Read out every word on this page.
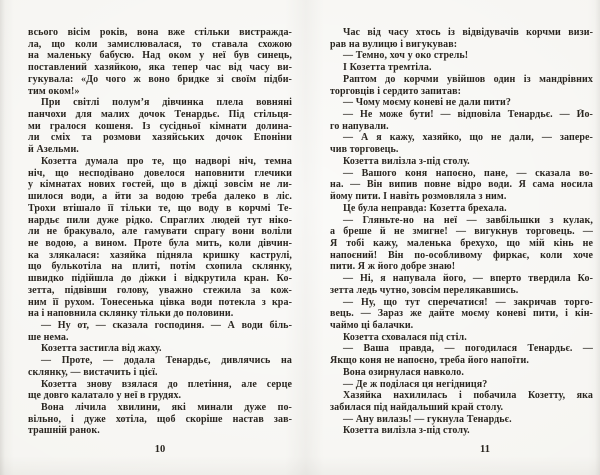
всього вісім років, вона вже стільки вистражда-
ла, що коли замислювалася, то ставала схожою
на маленьку бабусю. Над оком у неї був синець,
поставлений хазяйкою, яка тепер час від часу ви-
гукувала: «До чого ж воно бридке зі своїм підби-
тим оком!»
При світлі полум’я дівчинка плела вовняні
панчохи для малих дочок Тенардьє. Під стільця-
ми гралося кошеня. Із сусідньої кімнати долина-
ли сміх та розмови хазяйських дочок Епоніни
й Азельми.
Козетта думала про те, що надворі ніч, темна
ніч, що несподівано довелося наповнити глечики
у кімнатах нових гостей, що в діжці зовсім не ли-
шилося води, а йти за водою треба далеко в ліс.
Трохи втішало її тільки те, що воду в корчмі Те-
нардьє пили дуже рідко. Спраглих людей тут ніко-
ли не бракувало, але гамувати спрагу вони воліли
не водою, а вином. Проте була мить, коли дівчин-
ка злякалася: хазяйка підняла кришку каструлі,
що булькотіла на плиті, потім схопила склянку,
швидко підійшла до діжки і відкрутила кран. Ко-
зетта, підвівши голову, уважно стежила за кож-
ним її рухом. Тонесенька цівка води потекла з кра-
на і наповнила склянку тільки до половини.
— Ну от, — сказала господиня. — А води біль-
ше нема.
Козетта застигла від жаху.
— Проте, — додала Тенардьє, дивлячись на
склянку, — вистачить і цієї.
Козетта знову взялася до плетіння, але серце
ще довго калатало у неї в грудях.
Вона лічила хвилини, які минали дуже по-
вільно, і дуже хотіла, щоб скоріше настав зав-
трашній ранок.
Час від часу хтось із відвідувачів корчми визи-
рав на вулицю і вигукував:
— Темно, хоч у око стрель!
І Козетта тремтіла.
Раптом до корчми увійшов один із мандрівних
торговців і сердито запитав:
— Чому моєму коневі не дали пити?
— Не може бути! — відповіла Тенардьє. — Йо-
го напували.
— А я кажу, хазяйко, що не дали, — запере-
чив торговець.
Козетта вилізла з-під столу.
— Вашого коня напоєно, пане, — сказала во-
на. — Він випив повне відро води. Я сама носила
йому пити. І навіть розмовляла з ним.
Це була неправда: Козетта брехала.
— Гляньте-но на неї — завбільшки з кулак,
а бреше й не змигне! — вигукнув торговець. —
Я тобі кажу, маленька брехухо, що мій кінь не
напоєний! Він по-особливому фиркає, коли хоче
пити. Я ж його добре знаю!
— Ні, я напувала його, — вперто твердила Ко-
зетта ледь чутно, зовсім перелякавшись.
— Ну, що тут сперечатися! — закричав торго-
вець. — Зараз же дайте моєму коневі пити, і кін-
чаймо ці балачки.
Козетта сховалася під стіл.
— Ваша правда, — погодилася Тенардьє. —
Якщо коня не напоєно, треба його напоїти.
Вона озирнулася навколо.
— Де ж поділася ця негідниця?
Хазяйка нахилилась і побачила Козетту, яка
забилася під найдальший край столу.
— Ану вилазь! — гукнула Тенардьє.
Козетта вилізла з-під столу.
10	11
